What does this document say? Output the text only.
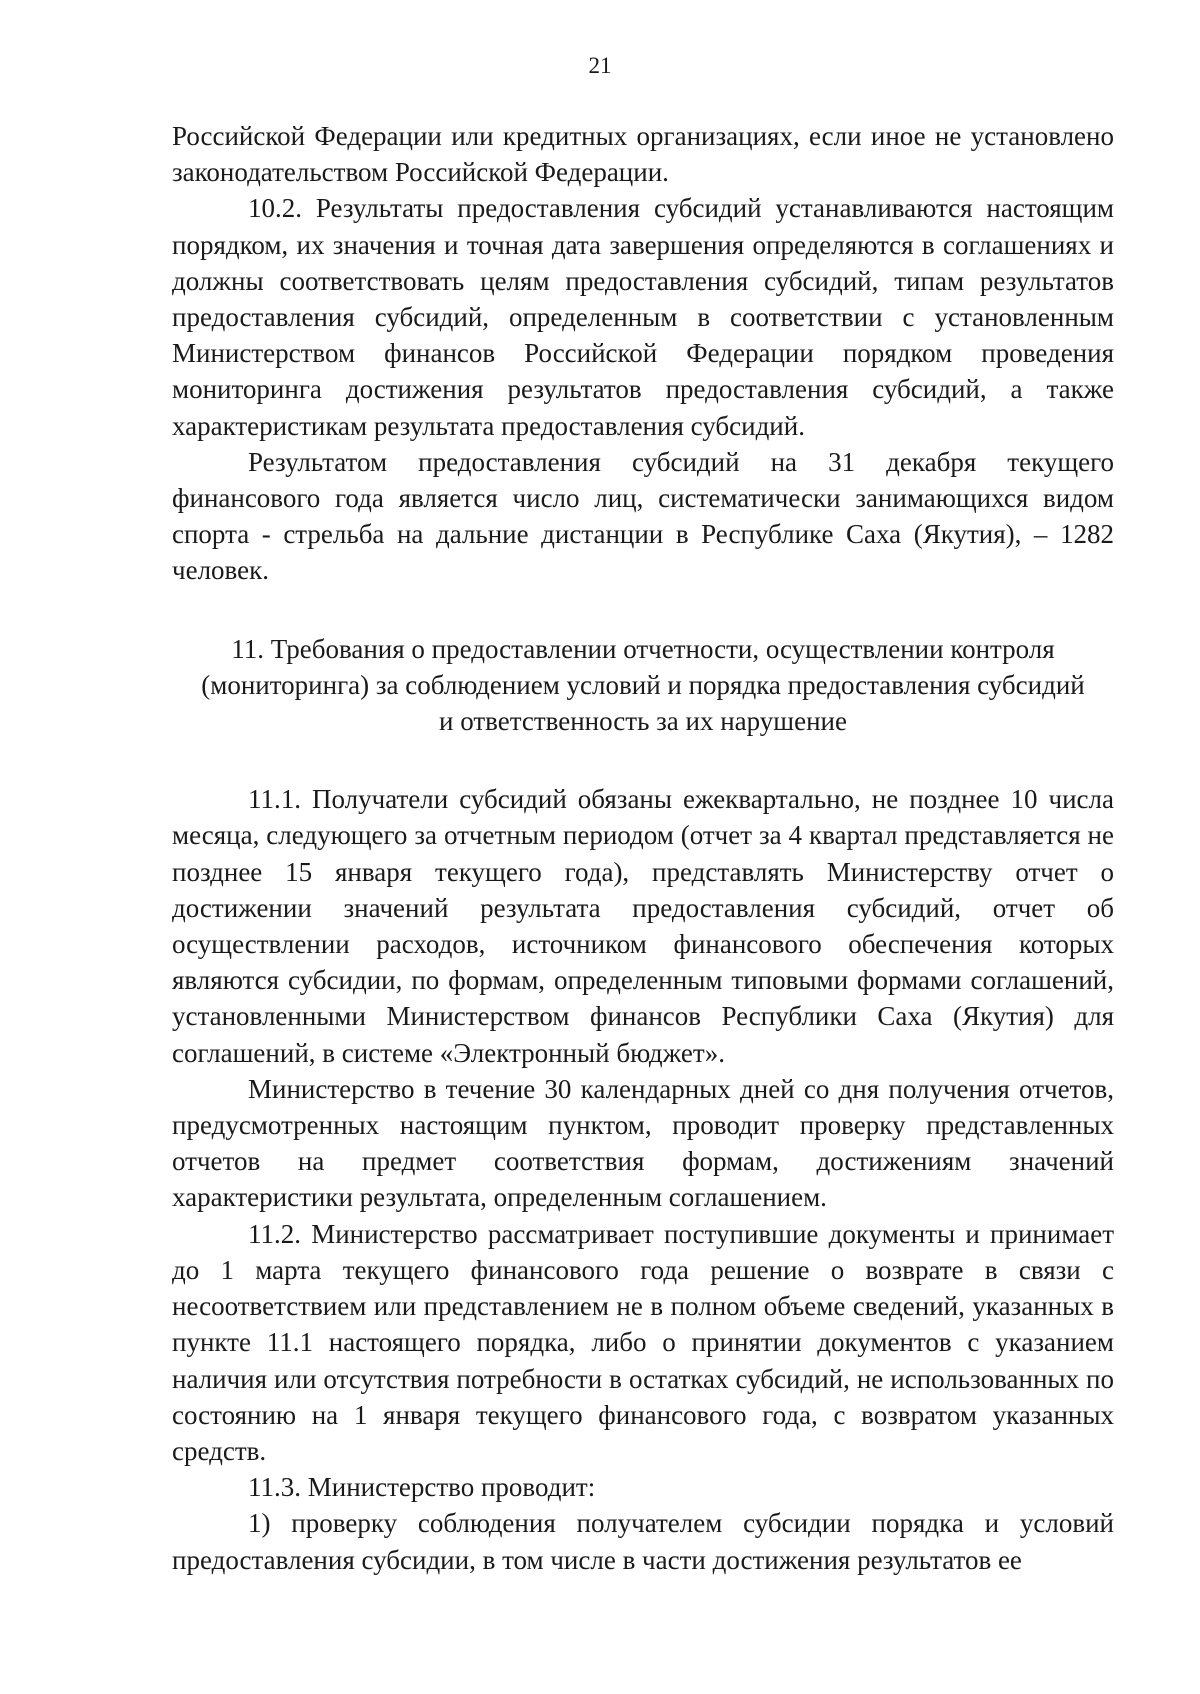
21

Российской Федерации или кредитных организациях, если иное не установлено законодательством Российской Федерации.

10.2. Результаты предоставления субсидий устанавливаются настоящим порядком, их значения и точная дата завершения определяются в соглашениях и должны соответствовать целям предоставления субсидий, типам результатов предоставления субсидий, определенным в соответствии с установленным Министерством финансов Российской Федерации порядком проведения мониторинга достижения результатов предоставления субсидий, а также характеристикам результата предоставления субсидий.

Результатом предоставления субсидий на 31 декабря текущего финансового года является число лиц, систематически занимающихся видом спорта - стрельба на дальние дистанции в Республике Саха (Якутия), – 1282 человек.

11. Требования о предоставлении отчетности, осуществлении контроля
(мониторинга) за соблюдением условий и порядка предоставления субсидий
и ответственность за их нарушение

11.1. Получатели субсидий обязаны ежеквартально, не позднее 10 числа месяца, следующего за отчетным периодом (отчет за 4 квартал представляется не позднее 15 января текущего года), представлять Министерству отчет о достижении значений результата предоставления субсидий, отчет об осуществлении расходов, источником финансового обеспечения которых являются субсидии, по формам, определенным типовыми формами соглашений, установленными Министерством финансов Республики Саха (Якутия) для соглашений, в системе «Электронный бюджет».

Министерство в течение 30 календарных дней со дня получения отчетов, предусмотренных настоящим пунктом, проводит проверку представленных отчетов на предмет соответствия формам, достижениям значений характеристики результата, определенным соглашением.

11.2. Министерство рассматривает поступившие документы и принимает до 1 марта текущего финансового года решение о возврате в связи с несоответствием или представлением не в полном объеме сведений, указанных в пункте 11.1 настоящего порядка, либо о принятии документов с указанием наличия или отсутствия потребности в остатках субсидий, не использованных по состоянию на 1 января текущего финансового года, с возвратом указанных средств.

11.3. Министерство проводит:

1) проверку соблюдения получателем субсидии порядка и условий предоставления субсидии, в том числе в части достижения результатов ее
